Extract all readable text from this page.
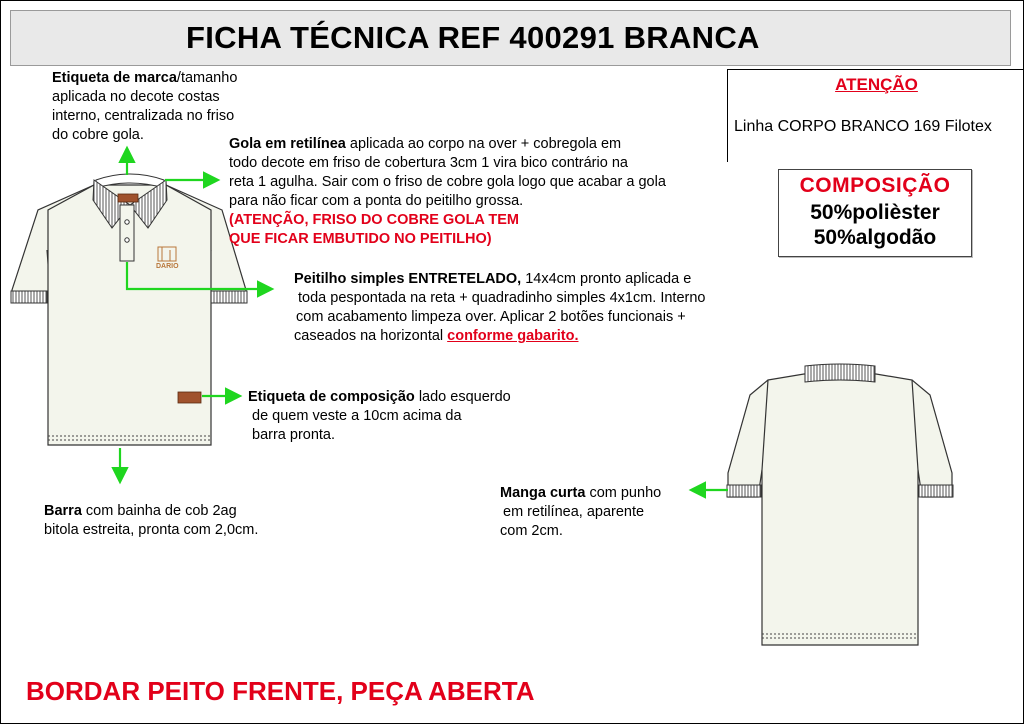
FICHA TÉCNICA REF 400291 BRANCA
DARIO
Etiqueta de marca/tamanho
aplicada no decote costas
interno, centralizada no friso
do cobre gola.
Gola em retilínea aplicada ao corpo na over + cobregola em
todo decote em friso de cobertura 3cm 1 vira bico contrário na
reta 1 agulha. Sair com o friso de cobre gola logo que acabar a gola
para não ficar com a ponta do peitilho grossa.
(ATENÇÃO, FRISO DO COBRE GOLA TEM
QUE FICAR EMBUTIDO NO PEITILHO)
Peitilho simples ENTRETELADO, 14x4cm pronto aplicada e
toda pespontada na reta + quadradinho simples 4x1cm. Interno
com acabamento limpeza over. Aplicar 2 botões funcionais +
caseados na horizontal conforme gabarito.
Etiqueta de composição lado esquerdo
de quem veste a 10cm acima da
barra pronta.
Barra com bainha de cob 2ag
bitola estreita, pronta com 2,0cm.
Manga curta com punho
em retilínea, aparente
com 2cm.
ATENÇÃO
Linha CORPO BRANCO 169 Filotex
COMPOSIÇÃO
50%polièster
50%algodão
BORDAR PEITO FRENTE, PEÇA ABERTA
